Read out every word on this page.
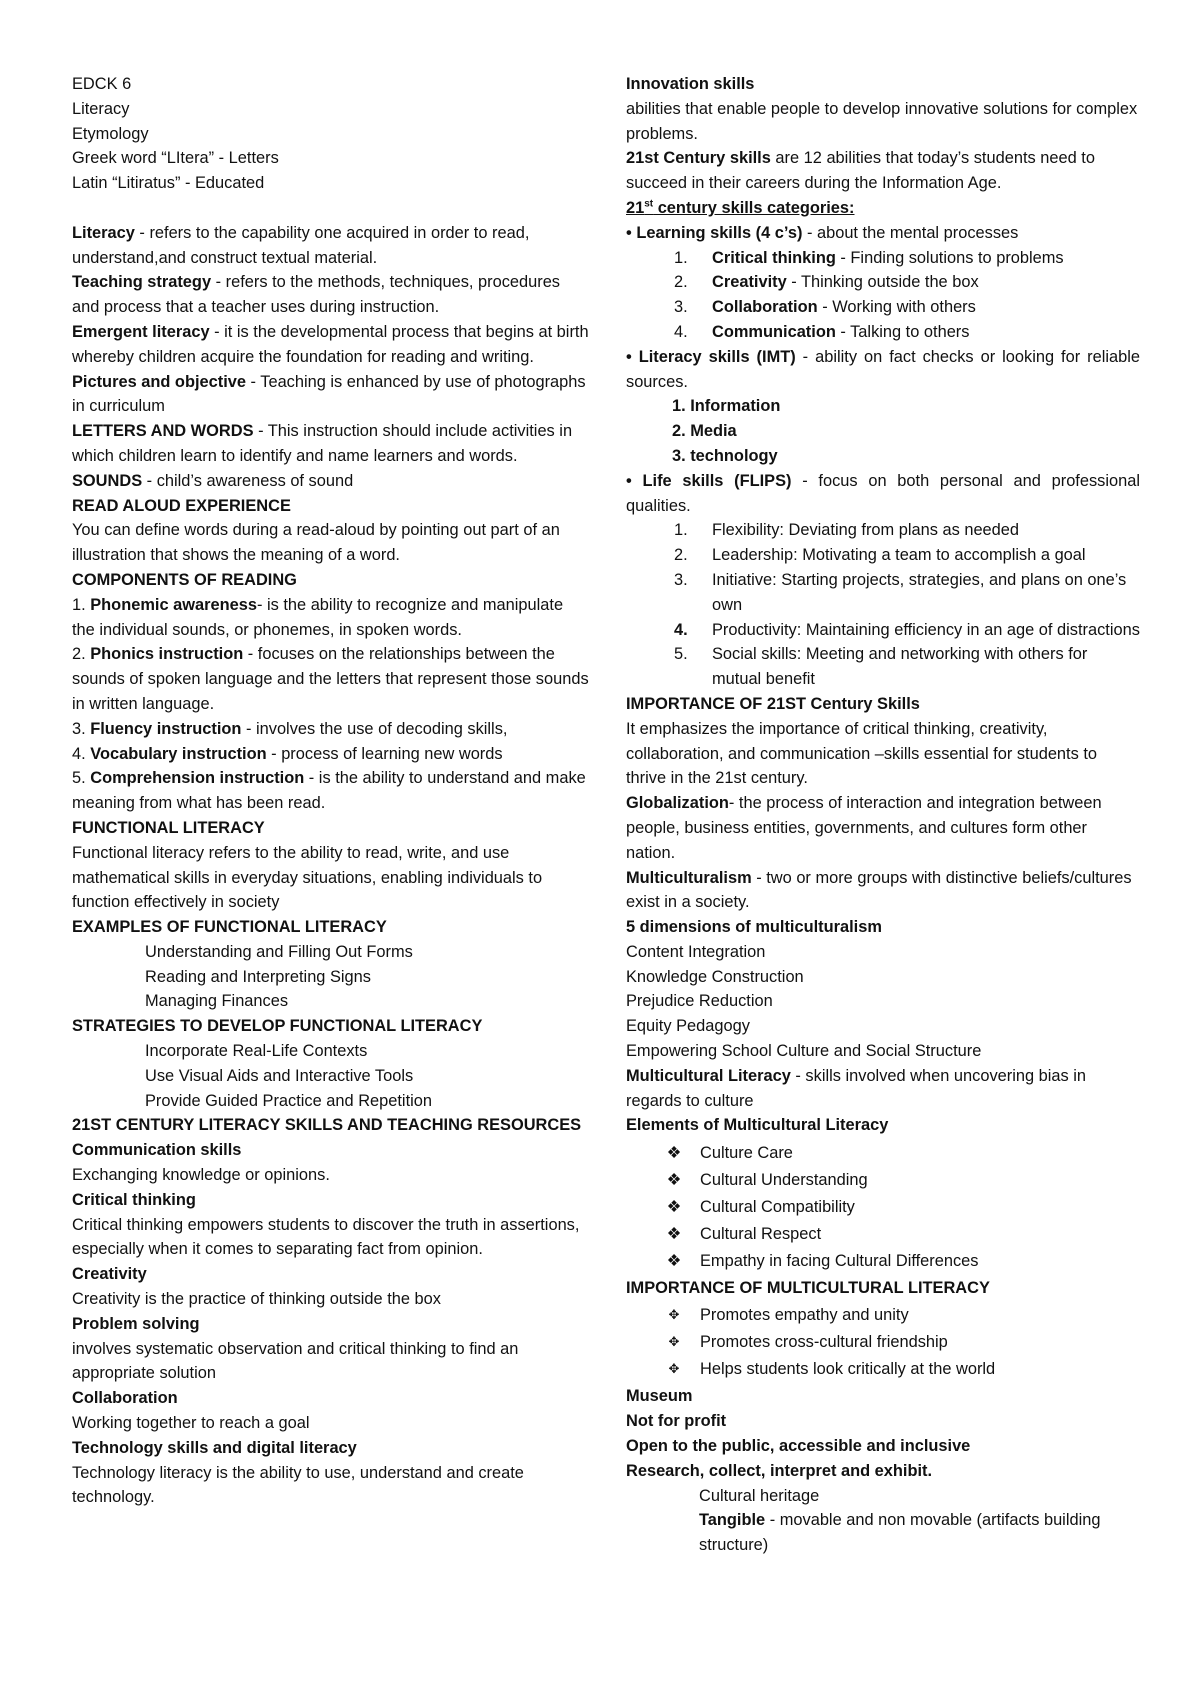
EDCK 6

Literacy

Etymology

Greek word “LItera” - Letters

Latin “Litiratus” - Educated

Literacy - refers to the capability one acquired in order to read, understand,and construct textual material.

Teaching strategy - refers to the methods, techniques, procedures and process that a teacher uses during instruction.

Emergent literacy - it is the developmental process that begins at birth whereby children acquire the foundation for reading and writing.

Pictures and objective - Teaching is enhanced by use of photographs in curriculum

LETTERS AND WORDS - This instruction should include activities in which children learn to identify and name learners and words.

SOUNDS - child’s awareness of sound

READ ALOUD EXPERIENCE

You can define words during a read-aloud by pointing out part of an illustration that shows the meaning of a word.

COMPONENTS OF READING

1. Phonemic awareness- is the ability to recognize and manipulate the individual sounds, or phonemes, in spoken words.

2. Phonics instruction - focuses on the relationships between the sounds of spoken language and the letters that represent those sounds in written language.

3. Fluency instruction - involves the use of decoding skills,

4. Vocabulary instruction - process of learning new words

5. Comprehension instruction - is the ability to understand and make meaning from what has been read.

FUNCTIONAL LITERACY

Functional literacy refers to the ability to read, write, and use mathematical skills in everyday situations, enabling individuals to function effectively in society

EXAMPLES OF FUNCTIONAL LITERACY

Understanding and Filling Out Forms

Reading and Interpreting Signs

Managing Finances

STRATEGIES TO DEVELOP FUNCTIONAL LITERACY

Incorporate Real-Life Contexts

Use Visual Aids and Interactive Tools

Provide Guided Practice and Repetition

21ST CENTURY LITERACY SKILLS AND TEACHING RESOURCES

Communication skills

Exchanging knowledge or opinions.

Critical thinking

Critical thinking empowers students to discover the truth in assertions, especially when it comes to separating fact from opinion.

Creativity

Creativity is the practice of thinking outside the box

Problem solving

involves systematic observation and critical thinking to find an appropriate solution

Collaboration

Working together to reach a goal

Technology skills and digital literacy

Technology literacy is the ability to use, understand and create technology.

Innovation skills

abilities that enable people to develop innovative solutions for complex problems.

21st Century skills are 12 abilities that today’s students need to succeed in their careers during the Information Age.

21st century skills categories:

• Learning skills (4 c’s) - about the mental processes

1. Critical thinking - Finding solutions to problems

2. Creativity - Thinking outside the box

3. Collaboration - Working with others

4. Communication - Talking to others

• Literacy skills (IMT) - ability on fact checks or looking for reliable sources.

1. Information

2. Media

3. technology

• Life skills (FLIPS) - focus on both personal and professional qualities.

1. Flexibility: Deviating from plans as needed

2. Leadership: Motivating a team to accomplish a goal

3. Initiative: Starting projects, strategies, and plans on one’s own

4. Productivity: Maintaining efficiency in an age of distractions

5. Social skills: Meeting and networking with others for mutual benefit

IMPORTANCE OF 21ST Century Skills

It emphasizes the importance of critical thinking, creativity, collaboration, and communication –skills essential for students to thrive in the 21st century.

Globalization- the process of interaction and integration between people, business entities, governments, and cultures form other nation.

Multiculturalism - two or more groups with distinctive beliefs/cultures   exist in a society.

5 dimensions of multiculturalism

Content Integration

Knowledge Construction

Prejudice Reduction

Equity Pedagogy

Empowering School Culture and Social Structure

Multicultural Literacy - skills involved when uncovering bias in regards to culture

Elements of Multicultural Literacy

❖ Culture Care

❖ Cultural Understanding

❖ Cultural Compatibility

❖ Cultural Respect

❖ Empathy in facing Cultural Differences

IMPORTANCE OF MULTICULTURAL LITERACY

✥	Promotes empathy and unity

✥	Promotes cross-cultural friendship

✥	Helps students look critically at the world

Museum

Not for profit

Open to the public, accessible and inclusive

Research, collect, interpret and exhibit.

Cultural heritage

Tangible - movable and non movable (artifacts building structure)
